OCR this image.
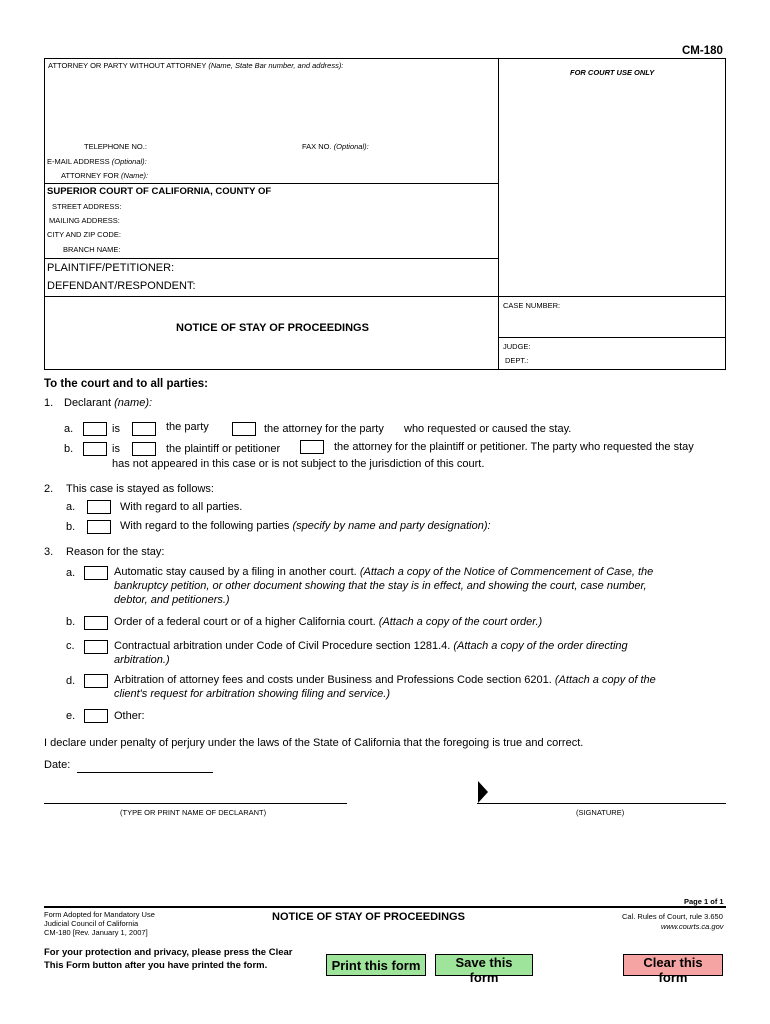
CM-180
ATTORNEY OR PARTY WITHOUT ATTORNEY (Name, State Bar number, and address):
FOR COURT USE ONLY
TELEPHONE NO.:	FAX NO. (Optional):
E-MAIL ADDRESS (Optional):
ATTORNEY FOR (Name):
SUPERIOR COURT OF CALIFORNIA, COUNTY OF
STREET ADDRESS:
MAILING ADDRESS:
CITY AND ZIP CODE:
BRANCH NAME:
PLAINTIFF/PETITIONER:
DEFENDANT/RESPONDENT:
CASE NUMBER:
NOTICE OF STAY OF PROCEEDINGS
JUDGE:
DEPT.:
To the court and to all parties:
1. Declarant (name):
a.	is	the party	the attorney for the party who requested or caused the stay.
b.	is	the plaintiff or petitioner	the attorney for the plaintiff or petitioner. The party who requested the stay
has not appeared in this case or is not subject to the jurisdiction of this court.
2. This case is stayed as follows:
a.	With regard to all parties.
b.	With regard to the following parties (specify by name and party designation):
3. Reason for the stay:
a.	Automatic stay caused by a filing in another court. (Attach a copy of the Notice of Commencement of Case, the
bankruptcy petition, or other document showing that the stay is in effect, and showing the court, case number,
debtor, and petitioners.)
b.	Order of a federal court or of a higher California court. (Attach a copy of the court order.)
c.	Contractual arbitration under Code of Civil Procedure section 1281.4. (Attach a copy of the order directing
arbitration.)
d.	Arbitration of attorney fees and costs under Business and Professions Code section 6201. (Attach a copy of the
client's request for arbitration showing filing and service.)
e.	Other:
I declare under penalty of perjury under the laws of the State of California that the foregoing is true and correct.
Date:
(TYPE OR PRINT NAME OF DECLARANT)	(SIGNATURE)
Page 1 of 1
Form Adopted for Mandatory Use
Judicial Council of California
CM-180 [Rev. January 1, 2007]
NOTICE OF STAY OF PROCEEDINGS	Cal. Rules of Court, rule 3.650
www.courts.ca.gov
For your protection and privacy, please press the Clear
This Form button after you have printed the form.	Print this form	Save this form
Clear this form
